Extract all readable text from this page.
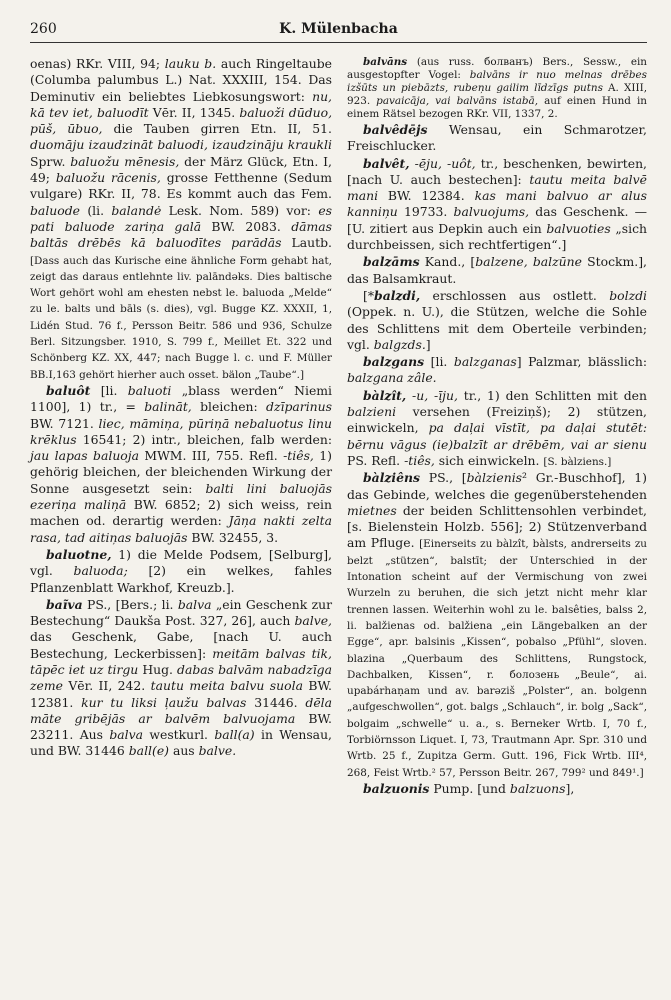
260	K. Mülenbacha

oenas) RKr. VIII, 94; lauku b. auch Ringeltaube (Columba palumbus L.) Nat. XXXIII, 154. Das Deminutiv ein beliebtes Liebkosungswort: nu, kā tev iet, baluodīt Vēr. II, 1345. baluoži dūduo, pūš, ūbuo, die Tauben girren Etn. II, 51. duomāju izaudzināt baluodi, izaudzināju kraukli Sprw. baluožu mēnesis, der März Glück, Etn. I, 49; baluožu rācenis, grosse Fetthenne (Sedum vulgare) RKr. II, 78. Es kommt auch das Fem. baluode (li. balandė Lesk. Nom. 589) vor: es pati baluode zariņa galā BW. 2083. dāmas baltās drēbēs kā baluodītes parādās Lautb. [Dass auch das Kurische eine ähnliche Form gehabt hat, zeigt das daraus entlehnte liv. palāndəks. Dies baltische Wort gehört wohl am ehesten nebst le. baluoda „Melde“ zu le. balts und bāls (s. dies), vgl. Bugge KZ. XXXII, 1, Lidén Stud. 76 f., Persson Beitr. 586 und 936, Schulze Berl. Sitzungsber. 1910, S. 799 f., Meillet Et. 322 und Schönberg KZ. XX, 447; nach Bugge l. c. und F. Müller BB.I,163 gehört hierher auch osset. bälon „Taube“.]

baluôt [li. baluoti „blass werden“ Niemi 1100], 1) tr., = balināt, bleichen: dzīparinus BW. 7121. liec, māmiņa, pūriņā nebaluotus linu krēklus 16541; 2) intr., bleichen, falb werden: jau lapas baluoja MWM. III, 755. Refl. -tiês, 1) gehörig bleichen, der bleichenden Wirkung der Sonne ausgesetzt sein: balti lini baluojās ezeriņa maliņā BW. 6852; 2) sich weiss, rein machen od. derartig werden: Jāņa nakti zelta rasa, tad aitiņas baluojās BW. 32455, 3.

baluotne, 1) die Melde Podsem, [Selburg], vgl. baluoda; [2) ein welkes, fahles Pflanzenblatt Warkhof, Kreuzb.].

baĩva PS., [Bers.; li. balva „ein Geschenk zur Bestechung“ Daukša Post. 327, 26], auch balve, das Geschenk, Gabe, [nach U. auch Bestechung, Leckerbissen]: meitām balvas tik, tāpēc iet uz tirgu Hug. dabas balvām nabadzīga zeme Vēr. II, 242. tautu meita balvu suola BW. 12381. kur tu liksi ļaužu balvas 31446. dēla māte gribējās ar balvēm balvuojama BW. 23211. Aus balva westkurl. ball(a) in Wensau, und BW. 31446 ball(e) aus balve.

balvāns (aus russ. болванъ) Bers., Sessw., ein ausgestopfter Vogel: balvāns ir nuo melnas drēbes izšūts un piebāzts, rubeņu gailim līdzīgs putns A. XIII, 923. pavaicāja, vai balvāns istabā, auf einen Hund in einem Rätsel bezogen RKr. VII, 1337, 2.

balvêdējs Wensau, ein Schmarotzer, Freischlucker.

balvêt, -ēju, -uôt, tr., beschenken, bewirten, [nach U. auch bestechen]: tautu meita balvē mani BW. 12384. kas mani balvuo ar alus kanniņu 19733. balvuojums, das Geschenk. — [U. zitiert aus Depkin auch ein balvuoties „sich durchbeissen, sich rechtfertigen“.]

balzāms Kand., [balzene, balzūne Stockm.], das Balsamkraut.

[*balzdi, erschlossen aus ostlett. bolzdi (Oppek. n. U.), die Stützen, welche die Sohle des Schlittens mit dem Oberteile verbinden; vgl. balgzds.]

balzgans [li. balzganas] Palzmar, blässlich: balzgana zâle.

bàlzît, -u, -īju, tr., 1) den Schlitten mit den balzieni versehen (Freiziņš); 2) stützen, einwickeln, pa daļai vīstīt, pa daļai stutēt: bērnu vāgus (ie)balzīt ar drēbēm, vai ar sienu PS. Refl. -tiês, sich einwickeln. [S. bàlziens.]

bàlziêns PS., [bàlzienis² Gr.-Buschhof], 1) das Gebinde, welches die gegenüberstehenden mietnes der beiden Schlittensohlen verbindet, [s. Bielenstein Holzb. 556]; 2) Stützenverband am Pfluge. [Einerseits zu bàlzît, bàlsts, andrerseits zu belzt „stützen“, balstīt; der Unterschied in der Intonation scheint auf der Vermischung von zwei Wurzeln zu beruhen, die sich jetzt nicht mehr klar trennen lassen. Weiterhin wohl zu le. balsêties, balss 2, li. balžienas od. balžiena „ein Längebalken an der Egge“, apr. balsinis „Kissen“, pobalso „Pfühl“, sloven. blazina „Querbaum des Schlittens, Rungstock, Dachbalken, Kissen“, r. болозень „Beule“, ai. upabárhaṇam und av. barəziš „Polster“, an. bolgenn „aufgeschwollen“, got. balgs „Schlauch“, ir. bolg „Sack“, bolgaim „schwelle“ u. a., s. Berneker Wrtb. I, 70 f., Torbiörnsson Liquet. I, 73, Trautmann Apr. Spr. 310 und Wrtb. 25 f., Zupitza Germ. Gutt. 196, Fick Wrtb. III⁴, 268, Feist Wrtb.² 57, Persson Beitr. 267, 799² und 849¹.]

balzuonis Pump. [und balzuons],
